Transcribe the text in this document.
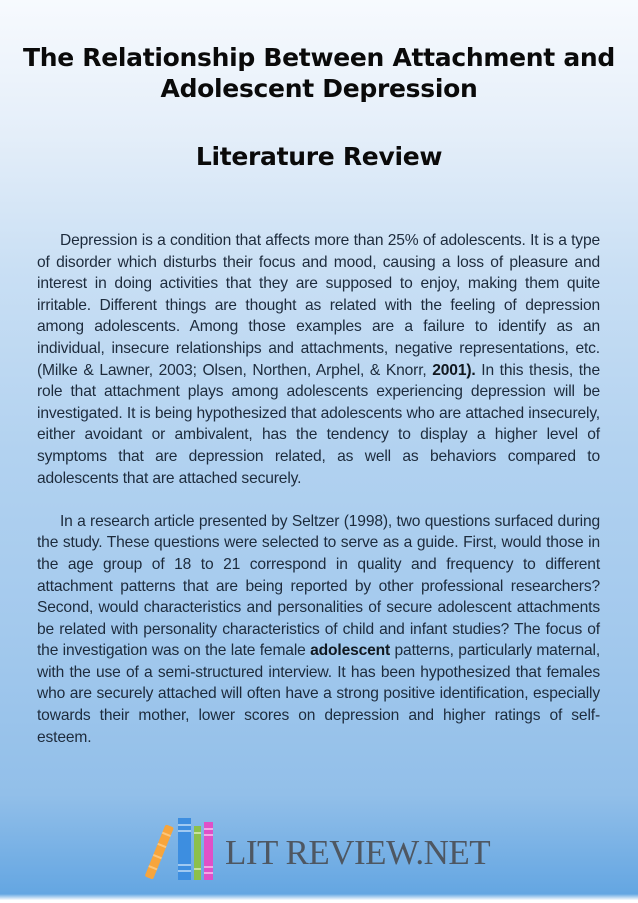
The Relationship Between Attachment and
Adolescent Depression
Literature Review

Depression is a condition that affects more than 25% of adolescents. It is a type of disorder which disturbs their focus and mood, causing a loss of pleasure and interest in doing activities that they are supposed to enjoy, making them quite irritable. Different things are thought as related with the feeling of depression among adolescents. Among those examples are a failure to identify as an individual, insecure relationships and attachments, negative representations, etc. (Milke & Lawner, 2003; Olsen, Northen, Arphel, & Knorr, 2001). In this thesis, the role that attachment plays among adolescents experiencing depression will be investigated. It is being hypothesized that adolescents who are attached insecurely, either avoidant or ambivalent, has the tendency to display a higher level of symptoms that are depression related, as well as behaviors compared to adolescents that are attached securely.

In a research article presented by Seltzer (1998), two questions surfaced during the study. These questions were selected to serve as a guide. First, would those in the age group of 18 to 21 correspond in quality and frequency to different attachment patterns that are being reported by other professional researchers? Second, would characteristics and personalities of secure adolescent attachments be related with personality characteristics of child and infant studies? The focus of the investigation was on the late female adolescent patterns, particularly maternal, with the use of a semi-structured interview. It has been hypothesized that females who are securely attached will often have a strong positive identification, especially towards their mother, lower scores on depression and higher ratings of self-esteem.

LIT REVIEW.NET
